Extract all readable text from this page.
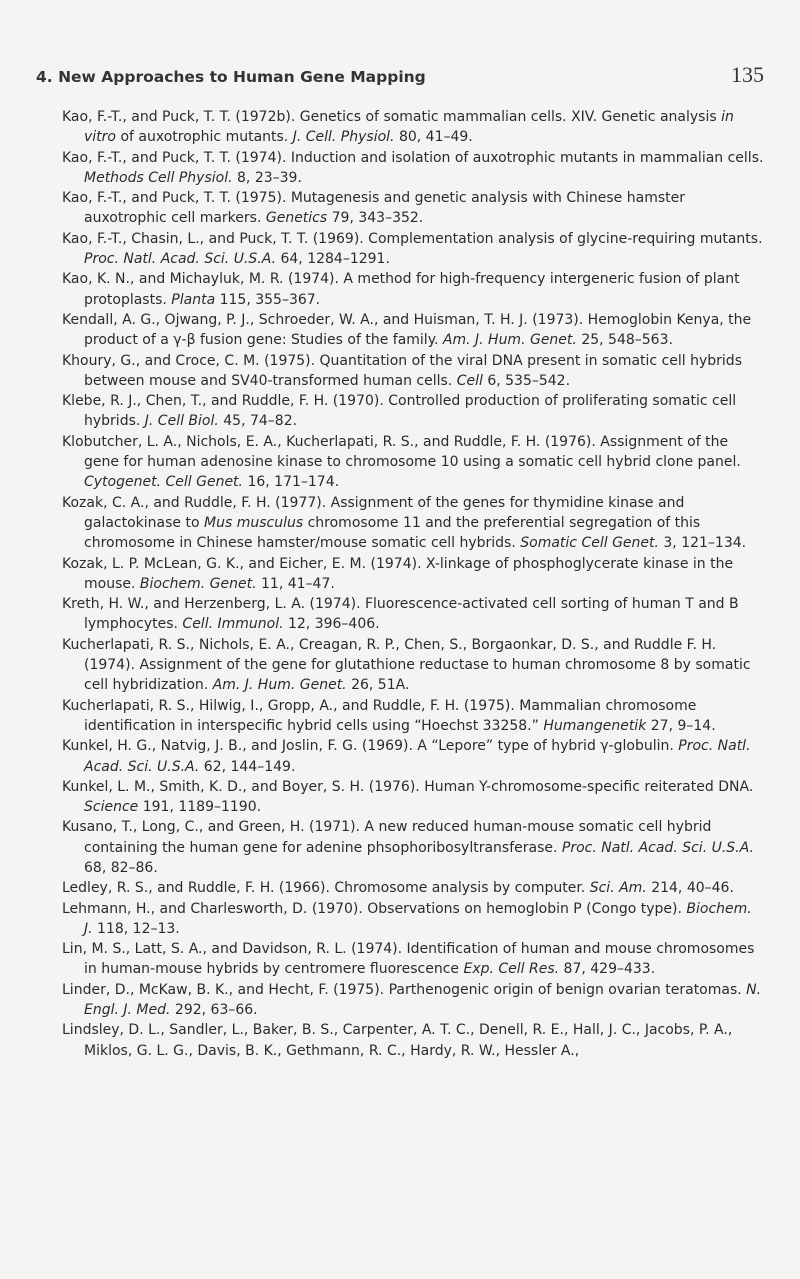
4. New Approaches to Human Gene Mapping	135

Kao, F.-T., and Puck, T. T. (1972b). Genetics of somatic mammalian cells. XIV. Genetic analysis in vitro of auxotrophic mutants. J. Cell. Physiol. 80, 41–49.

Kao, F.-T., and Puck, T. T. (1974). Induction and isolation of auxotrophic mutants in mammalian cells. Methods Cell Physiol. 8, 23–39.

Kao, F.-T., and Puck, T. T. (1975). Mutagenesis and genetic analysis with Chinese hamster auxotrophic cell markers. Genetics 79, 343–352.

Kao, F.-T., Chasin, L., and Puck, T. T. (1969). Complementation analysis of glycine-requiring mutants. Proc. Natl. Acad. Sci. U.S.A. 64, 1284–1291.

Kao, K. N., and Michayluk, M. R. (1974). A method for high-frequency intergeneric fusion of plant protoplasts. Planta 115, 355–367.

Kendall, A. G., Ojwang, P. J., Schroeder, W. A., and Huisman, T. H. J. (1973). Hemoglobin Kenya, the product of a γ-β fusion gene: Studies of the family. Am. J. Hum. Genet. 25, 548–563.

Khoury, G., and Croce, C. M. (1975). Quantitation of the viral DNA present in somatic cell hybrids between mouse and SV40-transformed human cells. Cell 6, 535–542.

Klebe, R. J., Chen, T., and Ruddle, F. H. (1970). Controlled production of proliferating somatic cell hybrids. J. Cell Biol. 45, 74–82.

Klobutcher, L. A., Nichols, E. A., Kucherlapati, R. S., and Ruddle, F. H. (1976). Assignment of the gene for human adenosine kinase to chromosome 10 using a somatic cell hybrid clone panel. Cytogenet. Cell Genet. 16, 171–174.

Kozak, C. A., and Ruddle, F. H. (1977). Assignment of the genes for thymidine kinase and galactokinase to Mus musculus chromosome 11 and the preferential segregation of this chromosome in Chinese hamster/mouse somatic cell hybrids. Somatic Cell Genet. 3, 121–134.

Kozak, L. P. McLean, G. K., and Eicher, E. M. (1974). X-linkage of phosphoglycerate kinase in the mouse. Biochem. Genet. 11, 41–47.

Kreth, H. W., and Herzenberg, L. A. (1974). Fluorescence-activated cell sorting of human T and B lymphocytes. Cell. Immunol. 12, 396–406.

Kucherlapati, R. S., Nichols, E. A., Creagan, R. P., Chen, S., Borgaonkar, D. S., and Ruddle F. H. (1974). Assignment of the gene for glutathione reductase to human chromosome 8 by somatic cell hybridization. Am. J. Hum. Genet. 26, 51A.

Kucherlapati, R. S., Hilwig, I., Gropp, A., and Ruddle, F. H. (1975). Mammalian chromosome identification in interspecific hybrid cells using “Hoechst 33258.” Humangenetik 27, 9–14.

Kunkel, H. G., Natvig, J. B., and Joslin, F. G. (1969). A “Lepore” type of hybrid γ-globulin. Proc. Natl. Acad. Sci. U.S.A. 62, 144–149.

Kunkel, L. M., Smith, K. D., and Boyer, S. H. (1976). Human Y-chromosome-specific reiterated DNA. Science 191, 1189–1190.

Kusano, T., Long, C., and Green, H. (1971). A new reduced human-mouse somatic cell hybrid containing the human gene for adenine phsophoribosyltransferase. Proc. Natl. Acad. Sci. U.S.A. 68, 82–86.

Ledley, R. S., and Ruddle, F. H. (1966). Chromosome analysis by computer. Sci. Am. 214, 40–46.

Lehmann, H., and Charlesworth, D. (1970). Observations on hemoglobin P (Congo type). Biochem. J. 118, 12–13.

Lin, M. S., Latt, S. A., and Davidson, R. L. (1974). Identification of human and mouse chromosomes in human-mouse hybrids by centromere fluorescence Exp. Cell Res. 87, 429–433.

Linder, D., McKaw, B. K., and Hecht, F. (1975). Parthenogenic origin of benign ovarian teratomas. N. Engl. J. Med. 292, 63–66.

Lindsley, D. L., Sandler, L., Baker, B. S., Carpenter, A. T. C., Denell, R. E., Hall, J. C., Jacobs, P. A., Miklos, G. L. G., Davis, B. K., Gethmann, R. C., Hardy, R. W., Hessler A.,
